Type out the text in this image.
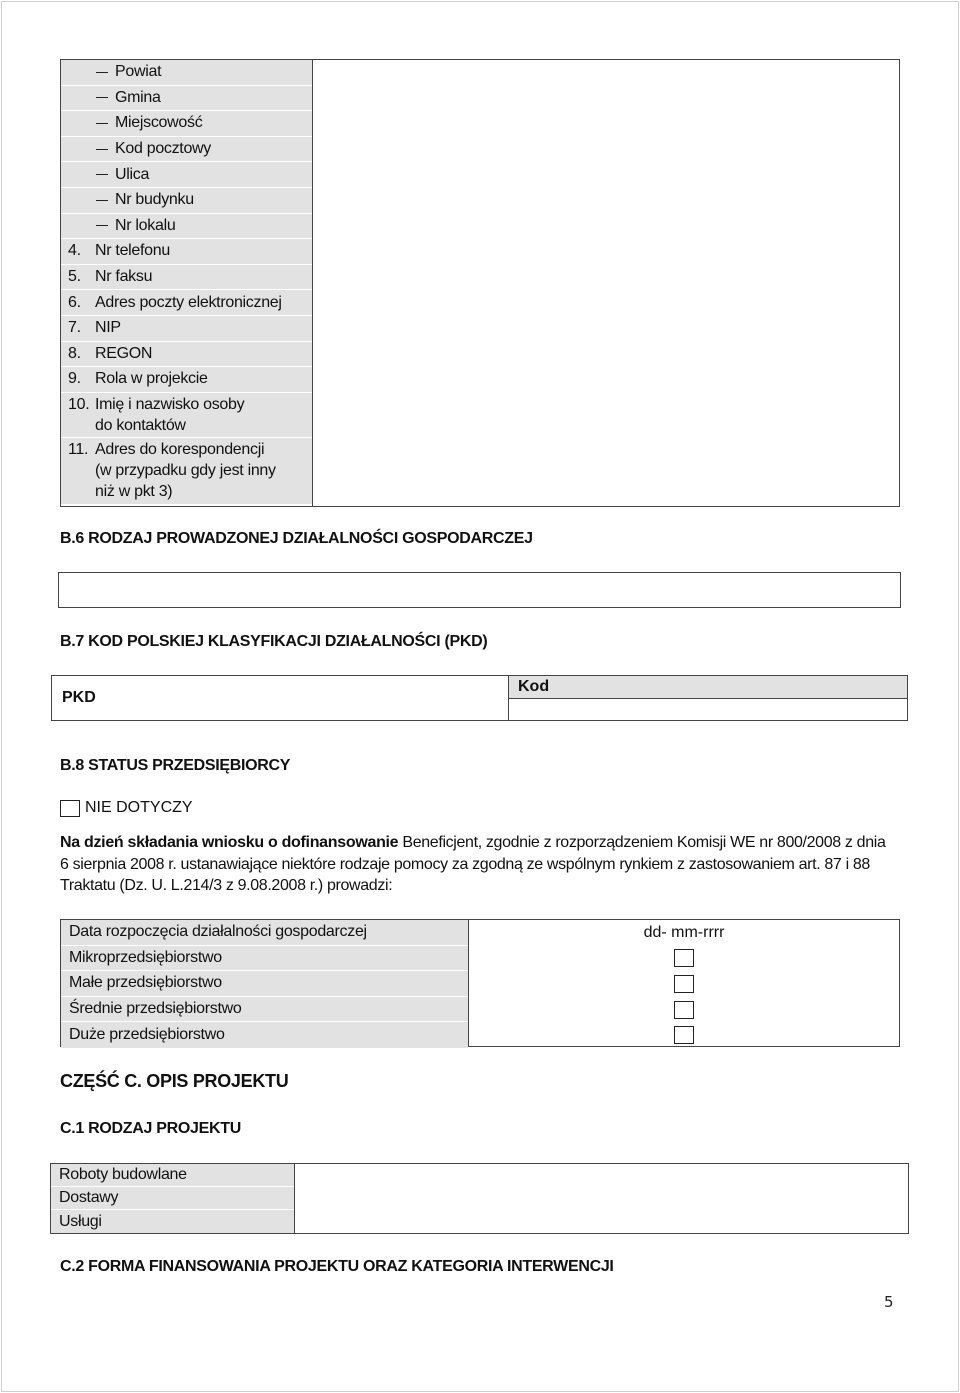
Powiat
Gmina
Miejscowość
Kod pocztowy
Ulica
Nr budynku
Nr lokalu
4. Nr telefonu
5. Nr faksu
6. Adres poczty elektronicznej
7. NIP
8. REGON
9. Rola w projekcie
10. Imię i nazwisko osoby
do kontaktów
11. Adres do korespondencji
(w przypadku gdy jest inny
niż w pkt 3)
B.6 RODZAJ PROWADZONEJ DZIAŁALNOŚCI GOSPODARCZEJ
B.7 KOD POLSKIEJ KLASYFIKACJI DZIAŁALNOŚCI (PKD)
PKD
Kod
B.8 STATUS PRZEDSIĘBIORCY
NIE DOTYCZY
Na dzień składania wniosku o dofinansowanie Beneficjent, zgodnie z rozporządzeniem Komisji WE nr 800/2008 z dnia 6 sierpnia 2008 r. ustanawiające niektóre rodzaje pomocy za zgodną ze wspólnym rynkiem z zastosowaniem art. 87 i 88 Traktatu (Dz. U. L.214/3 z 9.08.2008 r.) prowadzi:
Data rozpoczęcia działalności gospodarczej
Mikroprzedsiębiorstwo
Małe przedsiębiorstwo
Średnie przedsiębiorstwo
Duże przedsiębiorstwo
dd- mm-rrrr
CZĘŚĆ C. OPIS PROJEKTU
C.1 RODZAJ PROJEKTU
Roboty budowlane
Dostawy
Usługi
C.2 FORMA FINANSOWANIA PROJEKTU ORAZ KATEGORIA INTERWENCJI
5
